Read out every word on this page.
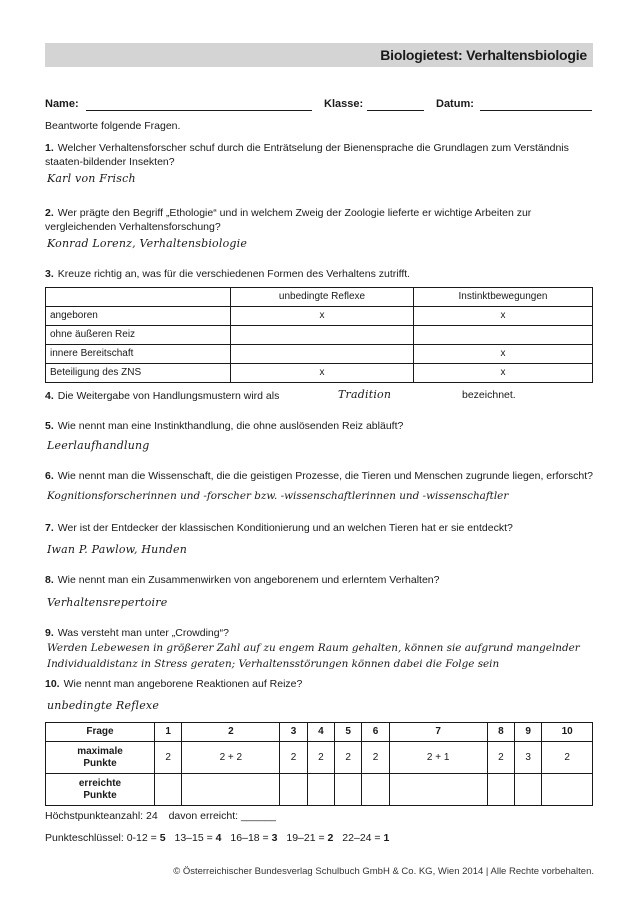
Biologietest: Verhaltensbiologie
Name:	Klasse:	Datum:
Beantworte folgende Fragen.
1. Welcher Verhaltensforscher schuf durch die Enträtselung der Bienensprache die Grundlagen zum Verständnis staaten-bildender Insekten?
Karl von Frisch
2. Wer prägte den Begriff „Ethologie“ und in welchem Zweig der Zoologie lieferte er wichtige Arbeiten zur vergleichenden Verhaltensforschung?
Konrad Lorenz, Verhaltensbiologie
3. Kreuze richtig an, was für die verschiedenen Formen des Verhaltens zutrifft.
	unbedingte Reflexe	Instinktbewegungen
angeboren	x	x
ohne äußeren Reiz		
innere Bereitschaft		x
Beteiligung des ZNS	x	x
4. Die Weitergabe von Handlungsmustern wird als	Tradition	bezeichnet.
5. Wie nennt man eine Instinkthandlung, die ohne auslösenden Reiz abläuft?
Leerlaufhandlung
6. Wie nennt man die Wissenschaft, die die geistigen Prozesse, die Tieren und Menschen zugrunde liegen, erforscht?
Kognitionsforscherinnen und -forscher bzw. -wissenschaftlerinnen und -wissenschaftler
7. Wer ist der Entdecker der klassischen Konditionierung und an welchen Tieren hat er sie entdeckt?
Iwan P. Pawlow, Hunden
8. Wie nennt man ein Zusammenwirken von angeborenem und erlerntem Verhalten?
Verhaltensrepertoire
9. Was versteht man unter „Crowding“?
Werden Lebewesen in größerer Zahl auf zu engem Raum gehalten, können sie aufgrund mangelnder
Individualdistanz in Stress geraten; Verhaltensstörungen können dabei die Folge sein
10. Wie nennt man angeborene Reaktionen auf Reize?
unbedingte Reflexe
Frage	1	2	3	4	5	6	7	8	9	10
maximale
Punkte	2	2 + 2	2	2	2	2	2 + 1	2	3	2
erreichte
Punkte										
Höchstpunkteanzahl: 24 davon erreicht: ______
Punkteschlüssel: 0-12 = 5 13–15 = 4 16–18 = 3 19–21 = 2 22–24 = 1
© Österreichischer Bundesverlag Schulbuch GmbH & Co. KG, Wien 2014 | Alle Rechte vorbehalten.
